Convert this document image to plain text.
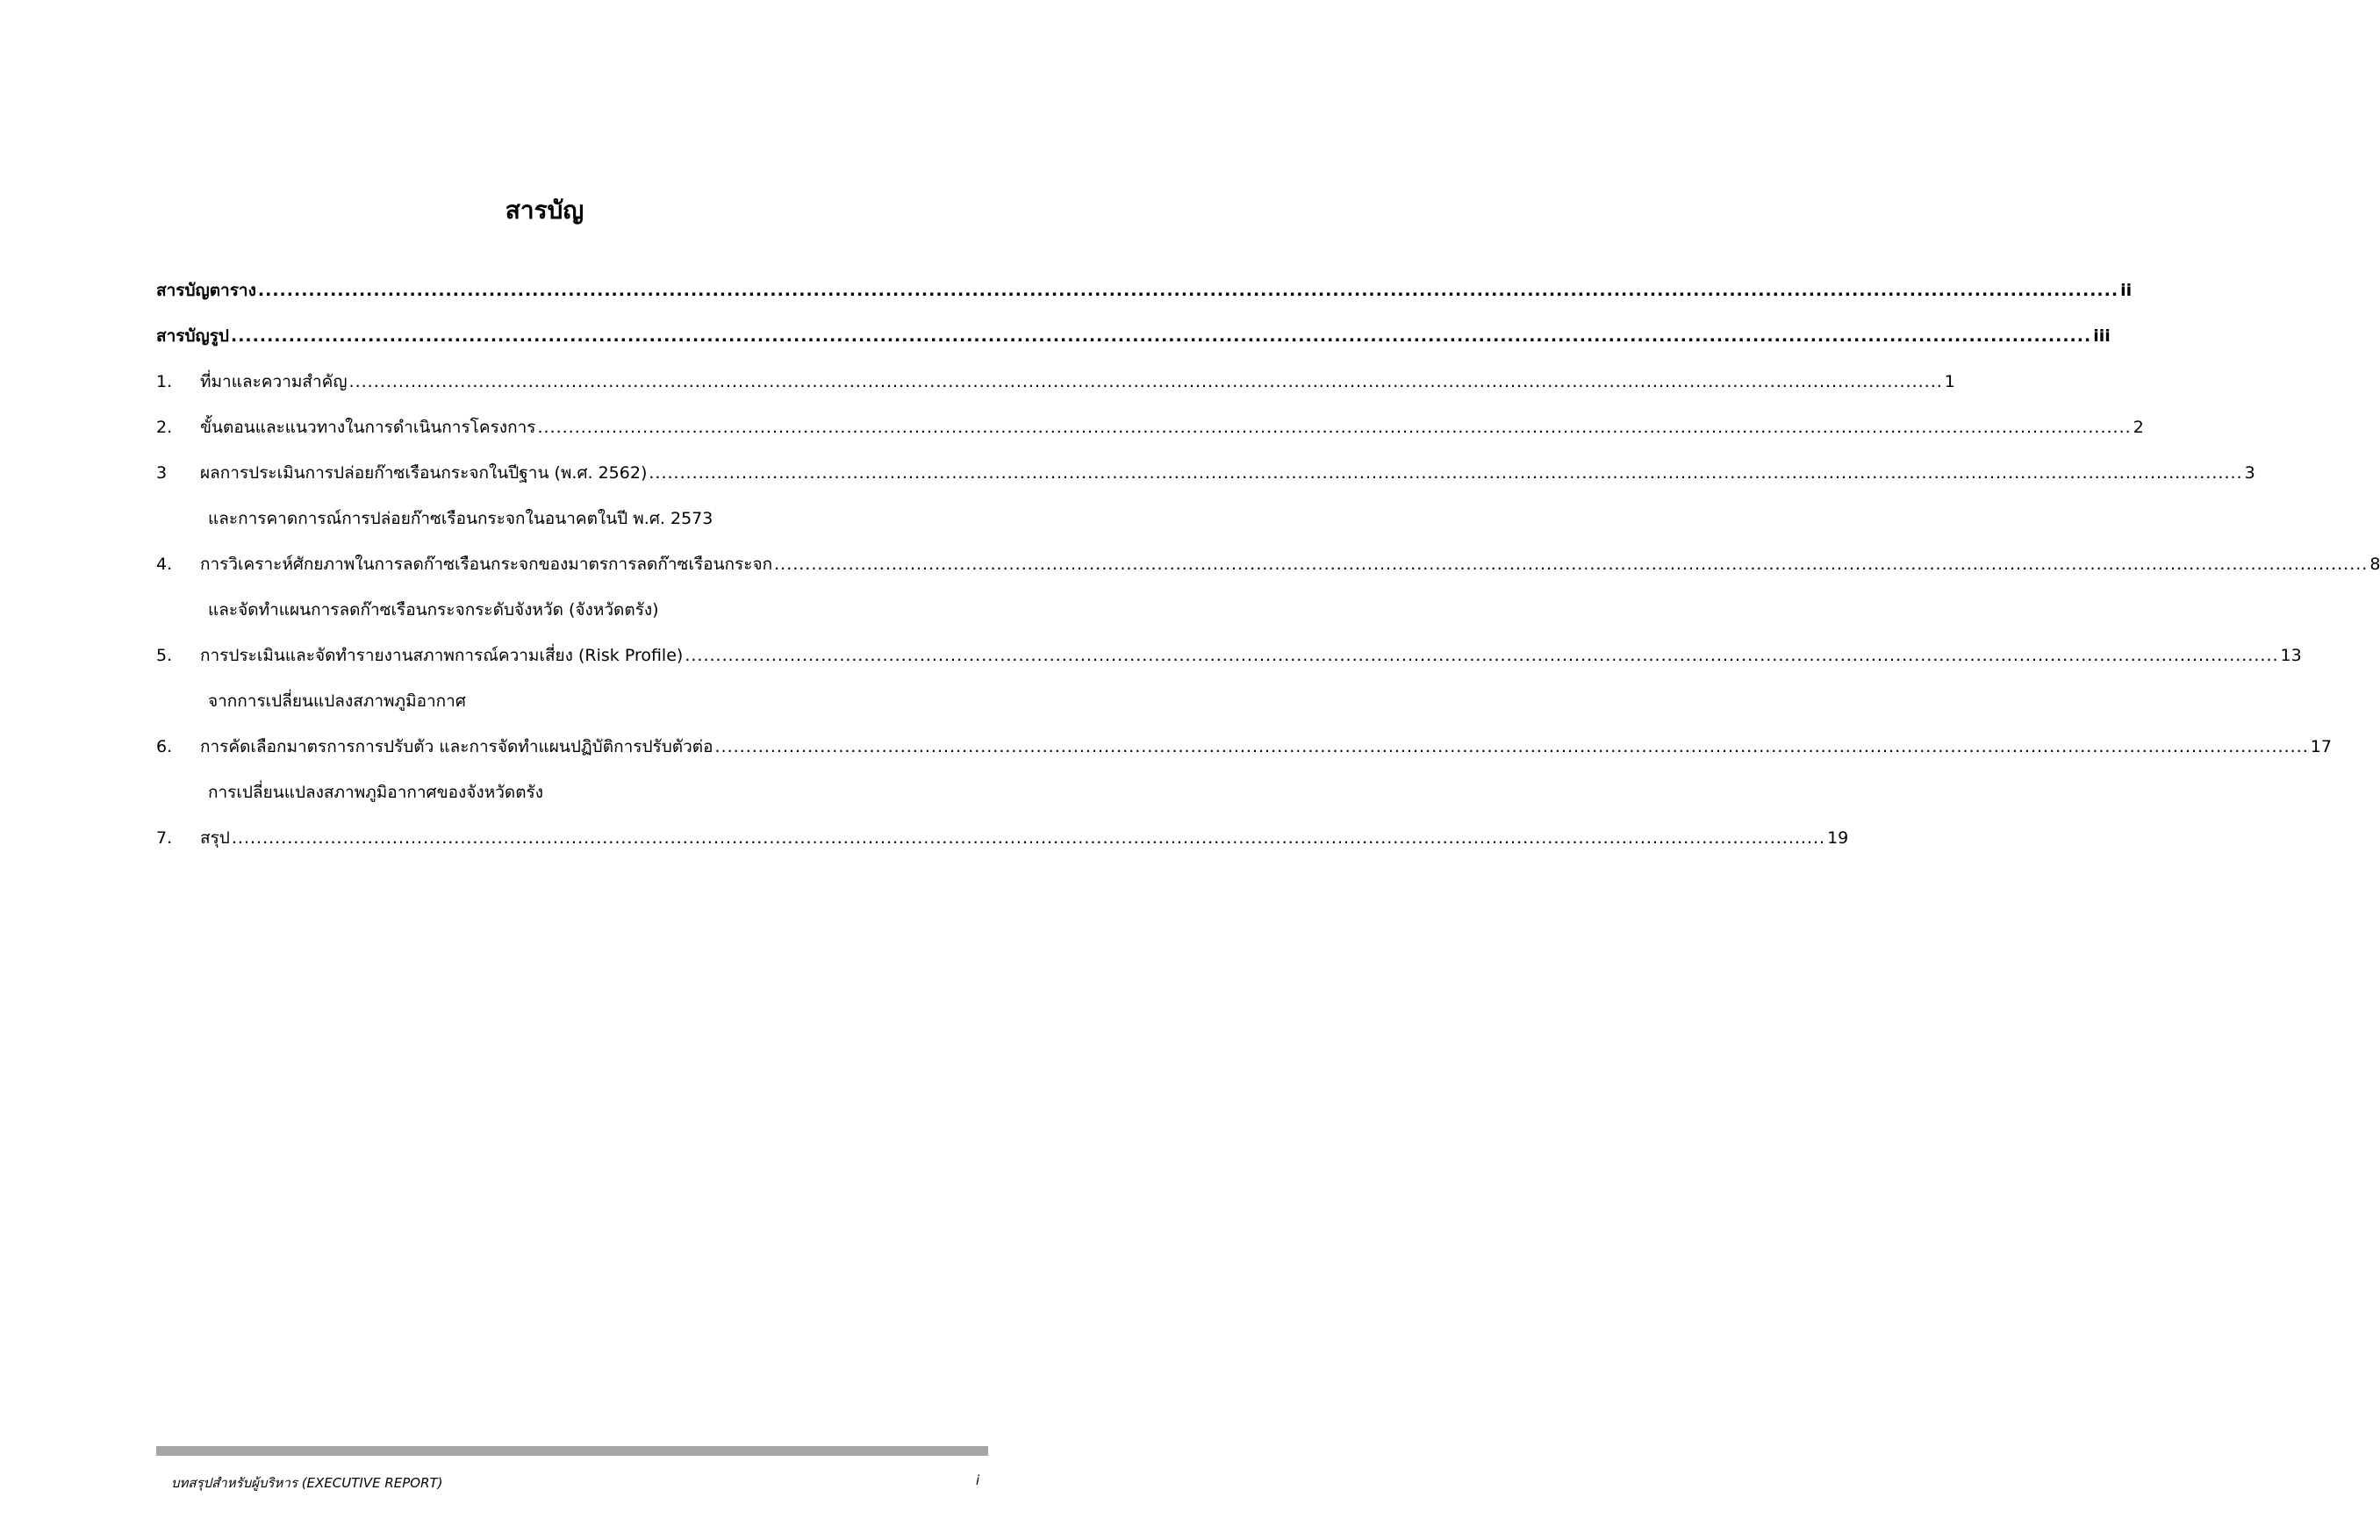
สารบัญ
สารบัญตาราง .....	ii
สารบัญรูป .....	iii
1.	ที่มาและความสำคัญ .....	1
2.	ขั้นตอนและแนวทางในการดำเนินการโครงการ .....	2
3	ผลการประเมินการปล่อยก๊าซเรือนกระจกในปีฐาน (พ.ศ. 2562) .....	3
และการคาดการณ์การปล่อยก๊าซเรือนกระจกในอนาคตในปี พ.ศ. 2573
4.	การวิเคราะห์ศักยภาพในการลดก๊าซเรือนกระจกของมาตรการลดก๊าซเรือนกระจก .....	8
และจัดทำแผนการลดก๊าซเรือนกระจกระดับจังหวัด (จังหวัดตรัง)
5.	การประเมินและจัดทำรายงานสภาพการณ์ความเสี่ยง (Risk Profile) .....	13
จากการเปลี่ยนแปลงสภาพภูมิอากาศ
6.	การคัดเลือกมาตรการการปรับตัว และการจัดทำแผนปฏิบัติการปรับตัวต่อ .....	17
การเปลี่ยนแปลงสภาพภูมิอากาศของจังหวัดตรัง
7.	สรุป .....	19
บทสรุปสำหรับผู้บริหาร (EXECUTIVE REPORT)	i
